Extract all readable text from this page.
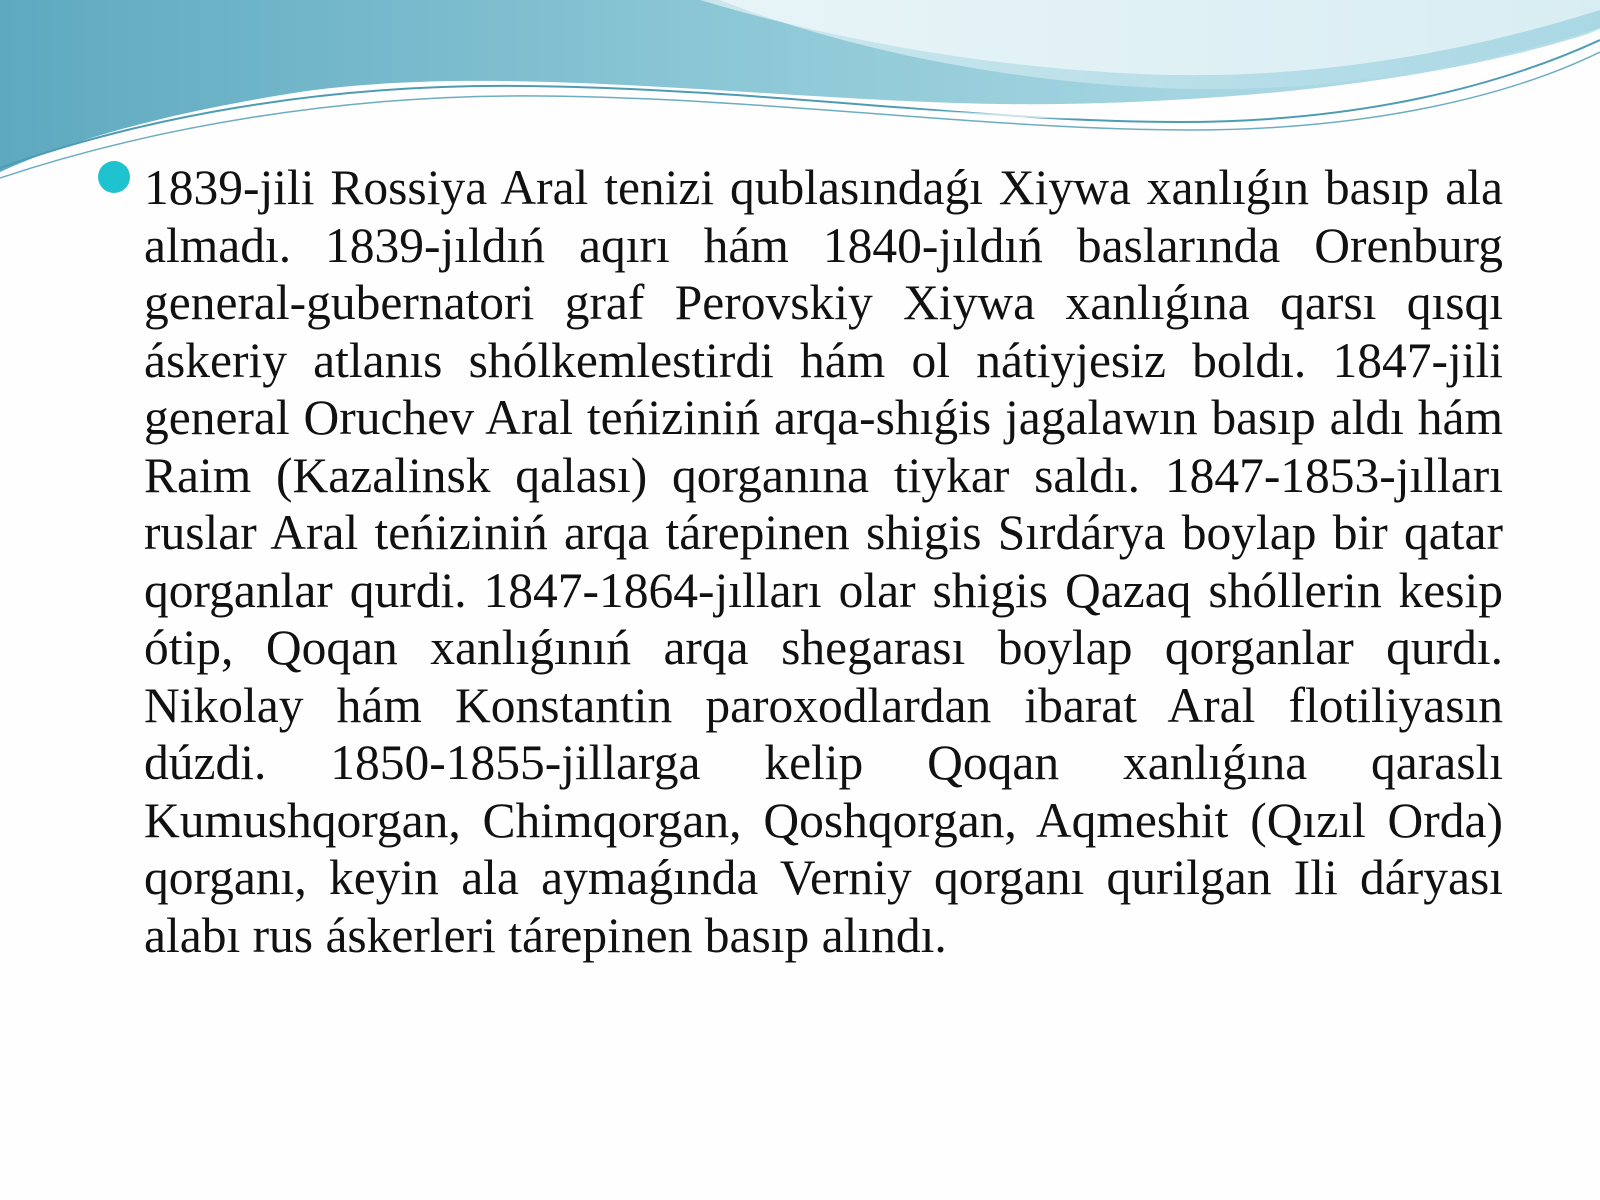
1839-jili Rossiya Aral tenizi qublasındaǵı Xiywa xanlıǵın basıp ala almadı. 1839-jıldıń aqırı hám 1840-jıldıń baslarında Orenburg general-gubernatori graf Perovskiy Xiywa xanlıǵına qarsı qısqı áskeriy atlanıs shólkemlestirdi hám ol nátiyjesiz boldı. 1847-jili general Oruchev Aral teńiziniń arqa-shıǵis jagalawın basıp aldı hám Raim (Kazalinsk qalası) qorganına tiykar saldı. 1847-1853-jılları ruslar Aral teńiziniń arqa tárepinen shigis Sırdárya boylap bir qatar qorganlar qurdi. 1847-1864-jılları olar shigis Qazaq shóllerin kesip ótip, Qoqan xanlıǵınıń arqa shegarası boylap qorganlar qurdı. Nikolay hám Konstantin paroxodlardan ibarat Aral flotiliyasın dúzdi. 1850-1855-jillarga kelip Qoqan xanlıǵına qaraslı Kumushqorgan, Chimqorgan, Qoshqorgan, Aqmeshit (Qızıl Orda) qorganı, keyin ala aymaǵında Verniy qorganı qurilgan Ili dáryası alabı rus áskerleri tárepinen basıp alındı.
